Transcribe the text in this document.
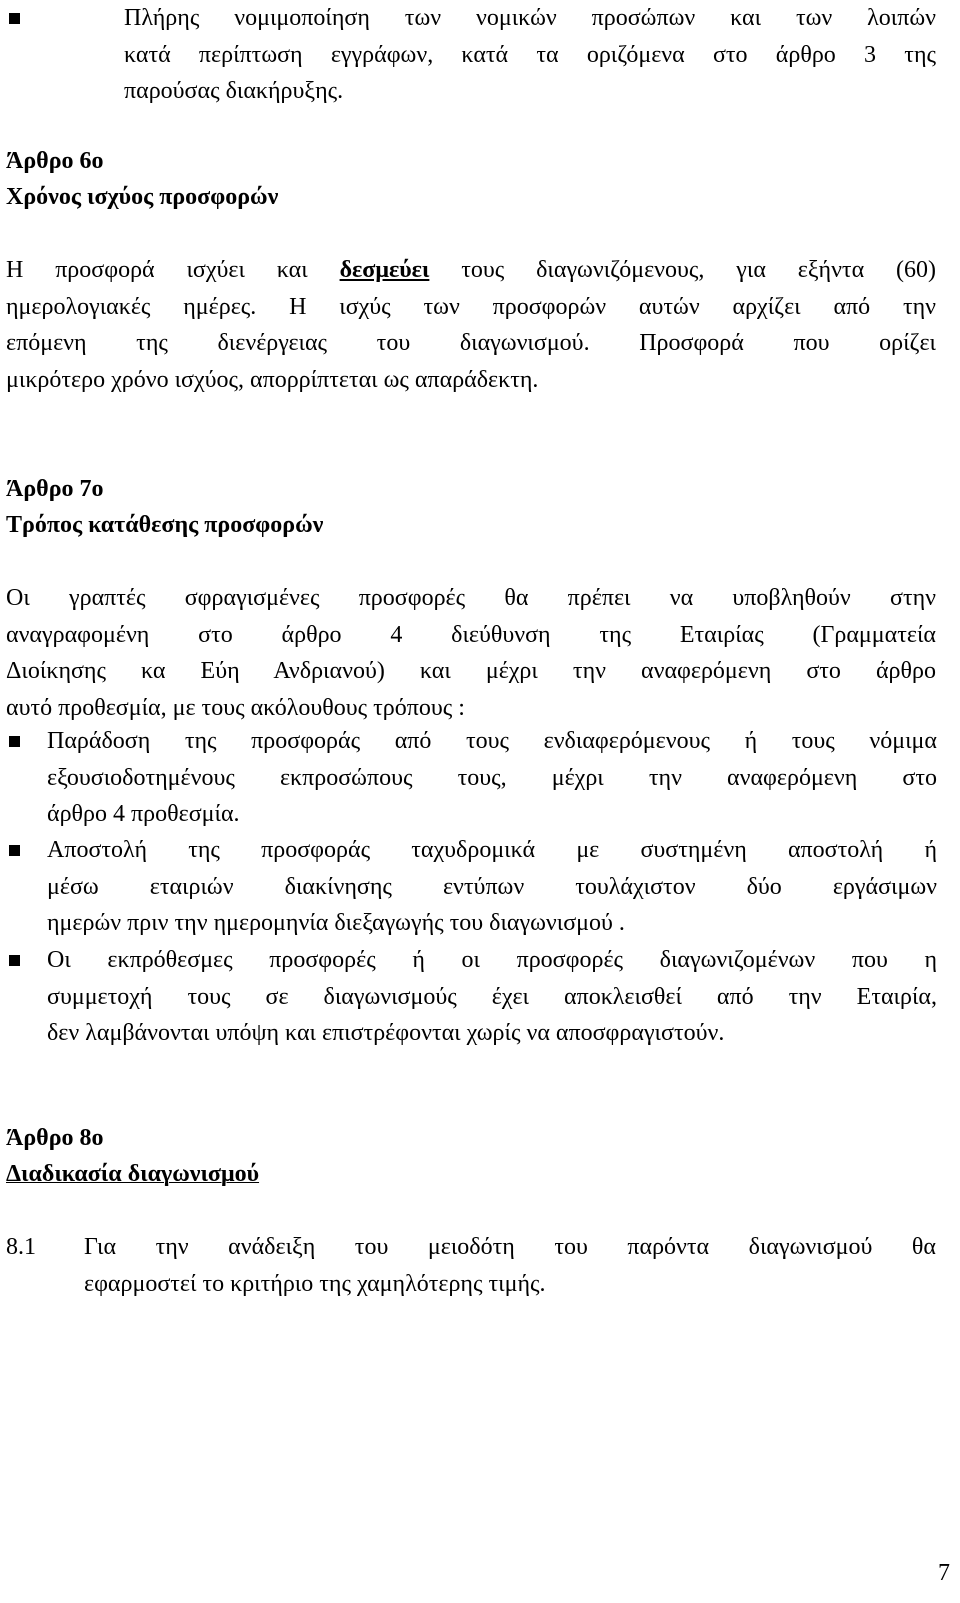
Πλήρης νομιμοποίηση των νομικών προσώπων και των λοιπών
κατά περίπτωση εγγράφων, κατά τα οριζόμενα στο άρθρο 3 της
παρούσας διακήρυξης.
Άρθρο 6ο
Χρόνος ισχύος προσφορών
Η προσφορά ισχύει και δεσμεύει τους διαγωνιζόμενους, για εξήντα (60)
ημερολογιακές ημέρες. Η ισχύς των προσφορών αυτών αρχίζει από την
επόμενη της διενέργειας του διαγωνισμού. Προσφορά που ορίζει
μικρότερο χρόνο ισχύος, απορρίπτεται ως απαράδεκτη.
Άρθρο 7ο
Τρόπος κατάθεσης προσφορών
Οι γραπτές σφραγισμένες προσφορές θα πρέπει να υποβληθούν στην
αναγραφομένη στο άρθρο 4 διεύθυνση της Εταιρίας (Γραμματεία
Διοίκησης κα Εύη Ανδριανού) και μέχρι την αναφερόμενη στο άρθρο
αυτό προθεσμία, με τους ακόλουθους τρόπους :
Παράδοση της προσφοράς από τους ενδιαφερόμενους ή τους νόμιμα
εξουσιοδοτημένους εκπροσώπους τους, μέχρι την αναφερόμενη στο
άρθρο 4 προθεσμία.
Αποστολή της προσφοράς ταχυδρομικά με συστημένη αποστολή ή
μέσω εταιριών διακίνησης εντύπων τουλάχιστον δύο εργάσιμων
ημερών πριν την ημερομηνία διεξαγωγής του διαγωνισμού .
Οι εκπρόθεσμες προσφορές ή οι προσφορές διαγωνιζομένων που η
συμμετοχή τους σε διαγωνισμούς έχει αποκλεισθεί από την Εταιρία,
δεν λαμβάνονται υπόψη και επιστρέφονται χωρίς να αποσφραγιστούν.
Άρθρο 8ο
Διαδικασία διαγωνισμού
8.1 Για την ανάδειξη του μειοδότη του παρόντα διαγωνισμού θα
εφαρμοστεί το κριτήριο της χαμηλότερης τιμής.
7
